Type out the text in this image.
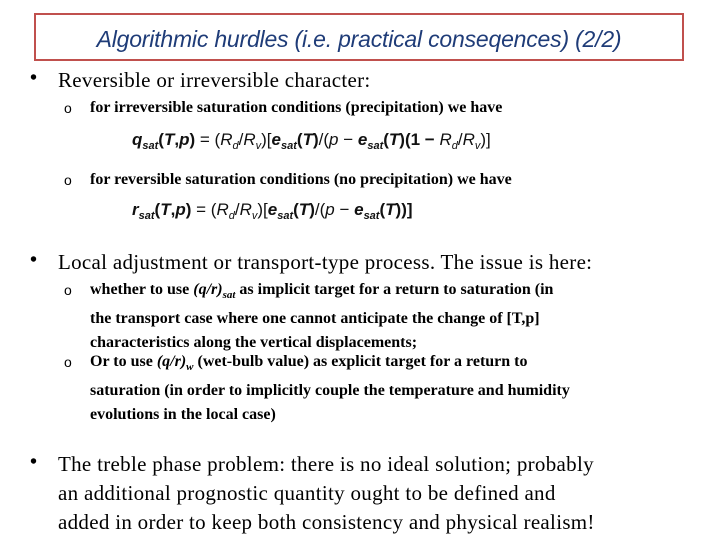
Algorithmic hurdles (i.e. practical conseqences) (2/2)
• Reversible or irreversible character:
o	for irreversible saturation conditions (precipitation) we have
$q_{sat}(T,p) = (R_d/R_v)[e_{sat}(T)/(p - e_{sat}(T)(1 - R_d/R_v)]$
o	for reversible saturation conditions (no precipitation) we have
$r_{sat}(T,p) = (R_d/R_v)[e_{sat}(T)/(p - e_{sat}(T))]$
• Local adjustment or transport-type process. The issue is here:
o	whether to use $(q/r)_{sat}$ as implicit target for a return to saturation (in
the transport case where one cannot anticipate the change of [T,p]
characteristics along the vertical displacements;
o	Or to use $(q/r)_w$ (wet-bulb value) as explicit target for a return to
saturation (in order to implicitly couple the temperature and humidity
evolutions in the local case)
• The treble phase problem: there is no ideal solution; probably
an additional prognostic quantity ought to be defined and
added in order to keep both consistency and physical realism!
